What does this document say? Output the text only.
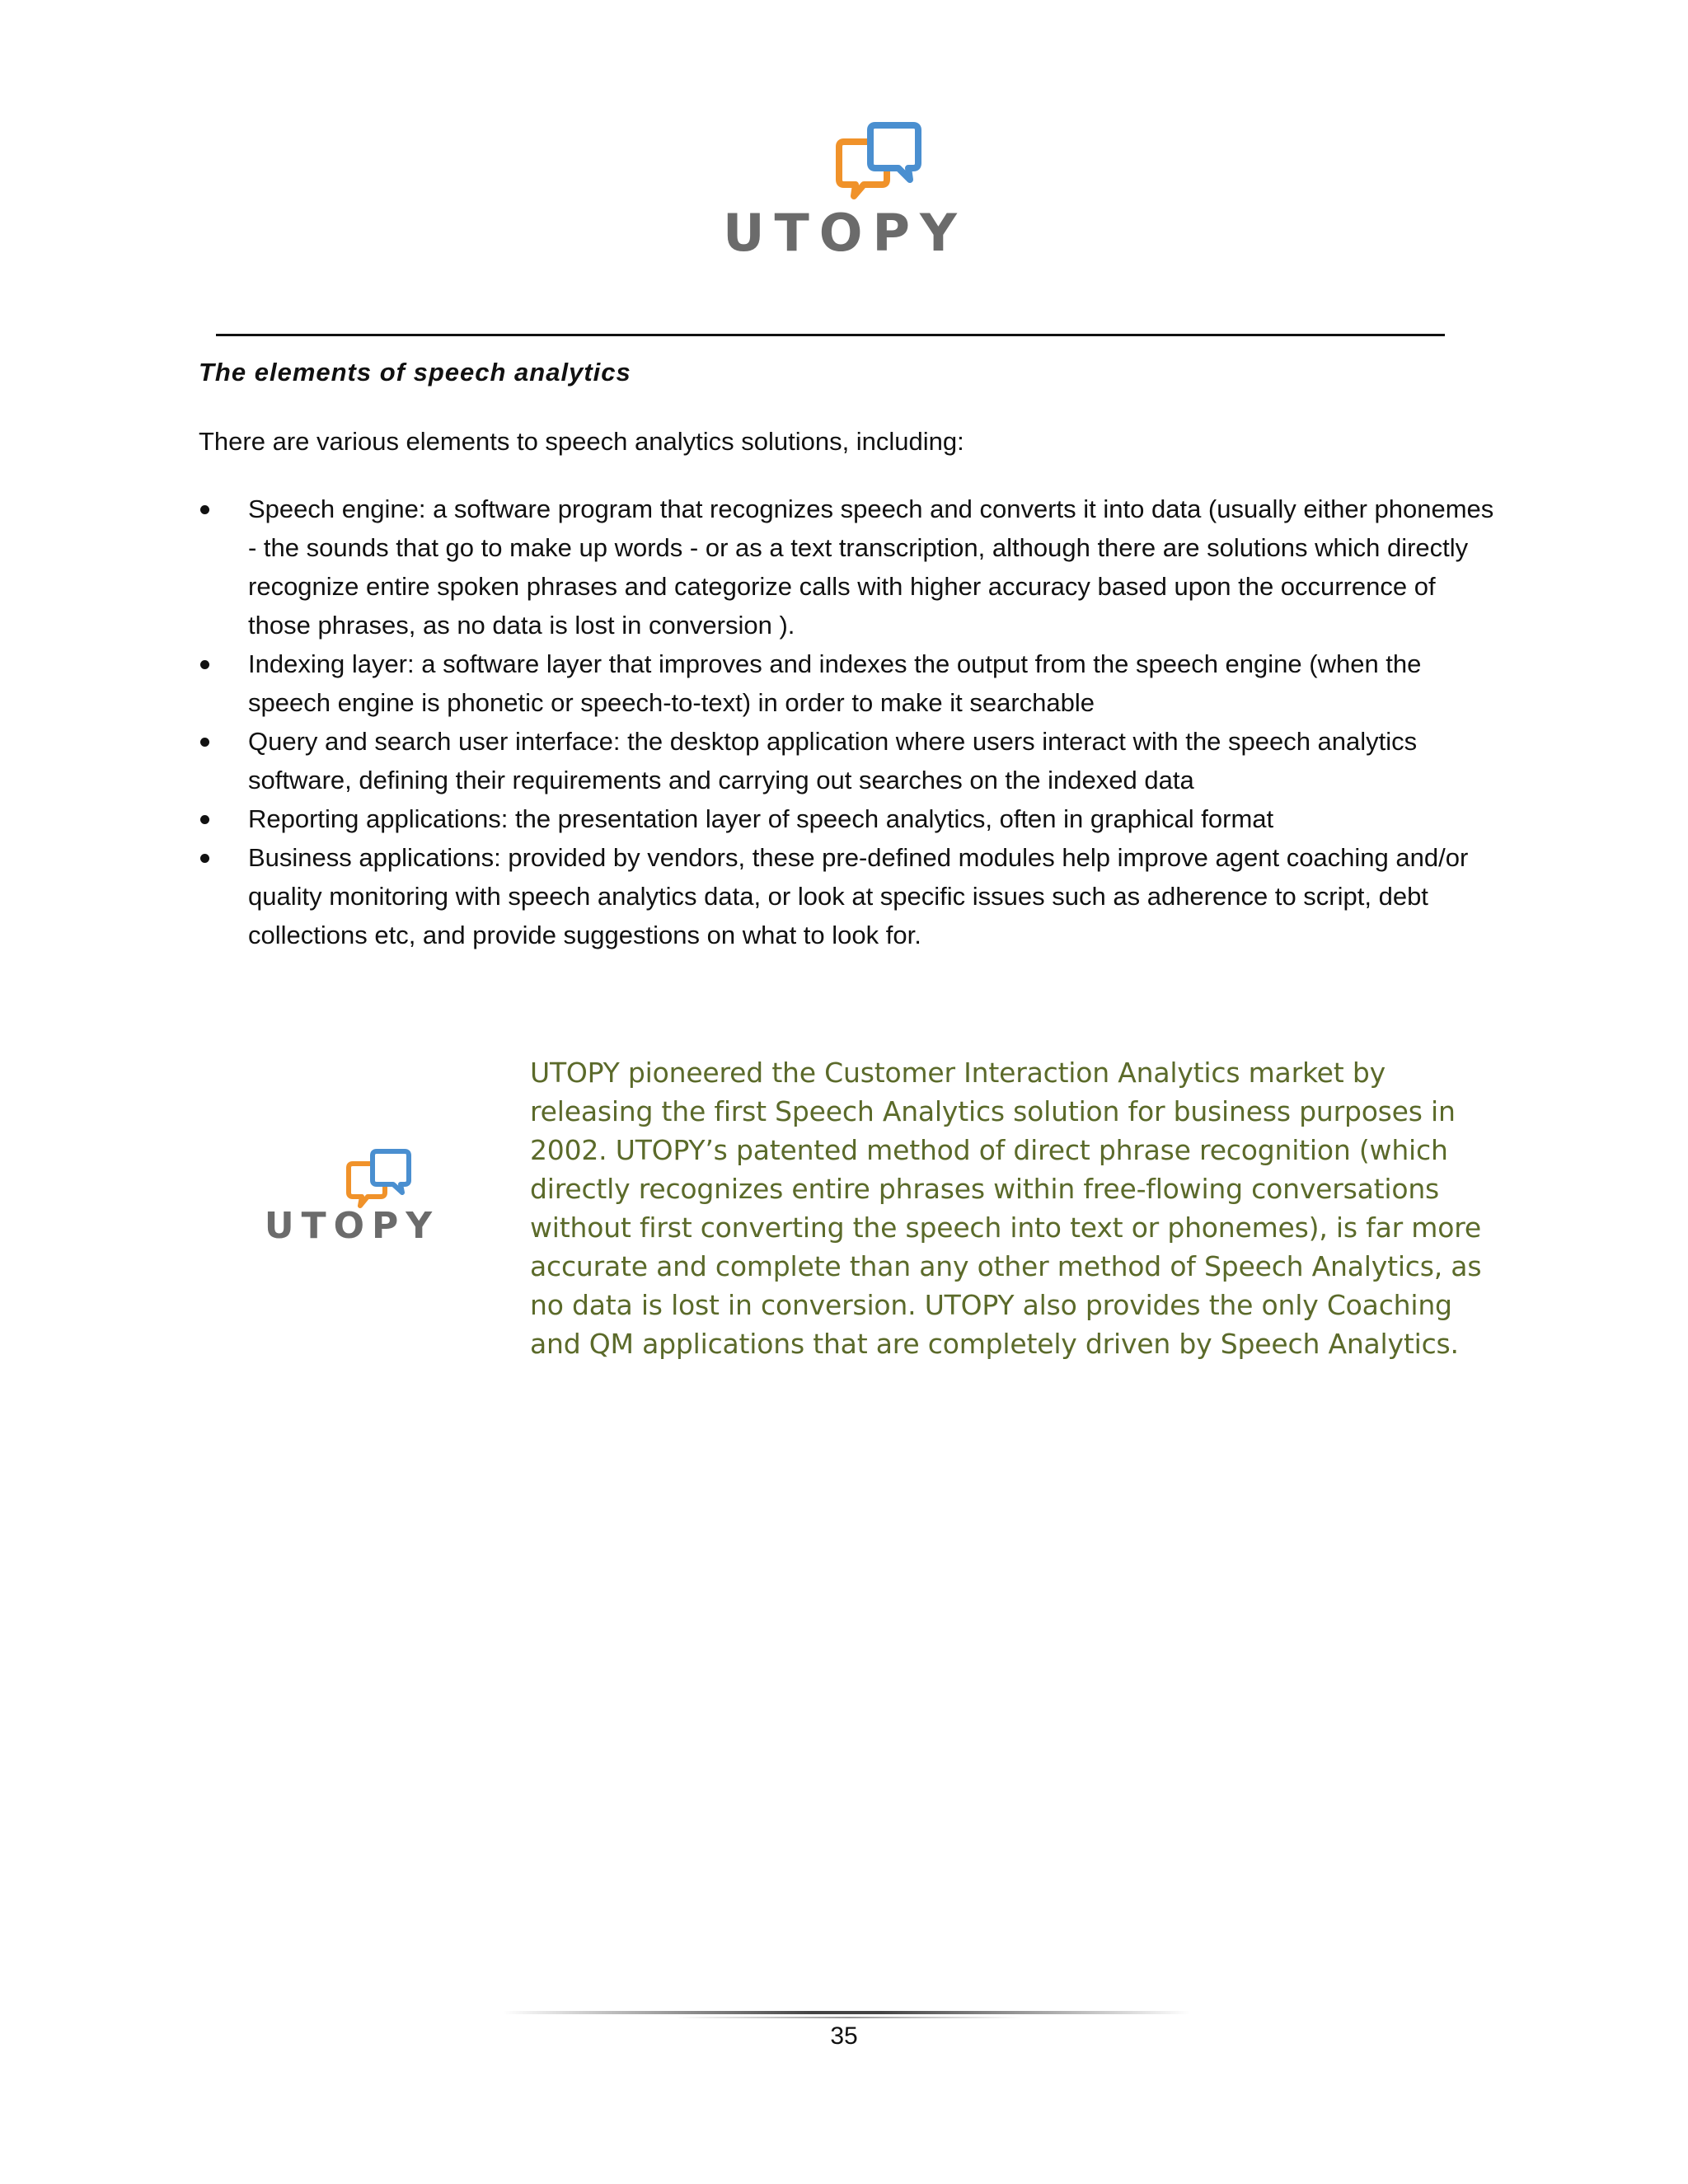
UTOPY
The elements of speech analytics
There are various elements to speech analytics solutions, including:
Speech engine: a software program that recognizes speech and converts it into data (usually either phonemes - the sounds that go to make up words - or as a text transcription, although there are solutions which directly recognize entire spoken phrases and categorize calls with higher accuracy based upon the occurrence of those phrases, as no data is lost in conversion ).
Indexing layer: a software layer that improves and indexes the output from the speech engine (when the speech engine is phonetic or speech-to-text) in order to make it searchable
Query and search user interface: the desktop application where users interact with the speech analytics software, defining their requirements and carrying out searches on the indexed data
Reporting applications: the presentation layer of speech analytics, often in graphical format
Business applications: provided by vendors, these pre-defined modules help improve agent coaching and/or quality monitoring with speech analytics data, or look at specific issues such as adherence to script, debt collections etc, and provide suggestions on what to look for.
UTOPY
UTOPY pioneered the Customer Interaction Analytics market by releasing the first Speech Analytics solution for business purposes in 2002. UTOPY’s patented method of direct phrase recognition (which directly recognizes entire phrases within free-flowing conversations without first converting the speech into text or phonemes), is far more accurate and complete than any other method of Speech Analytics, as no data is lost in conversion. UTOPY also provides the only Coaching and QM applications that are completely driven by Speech Analytics.
35
